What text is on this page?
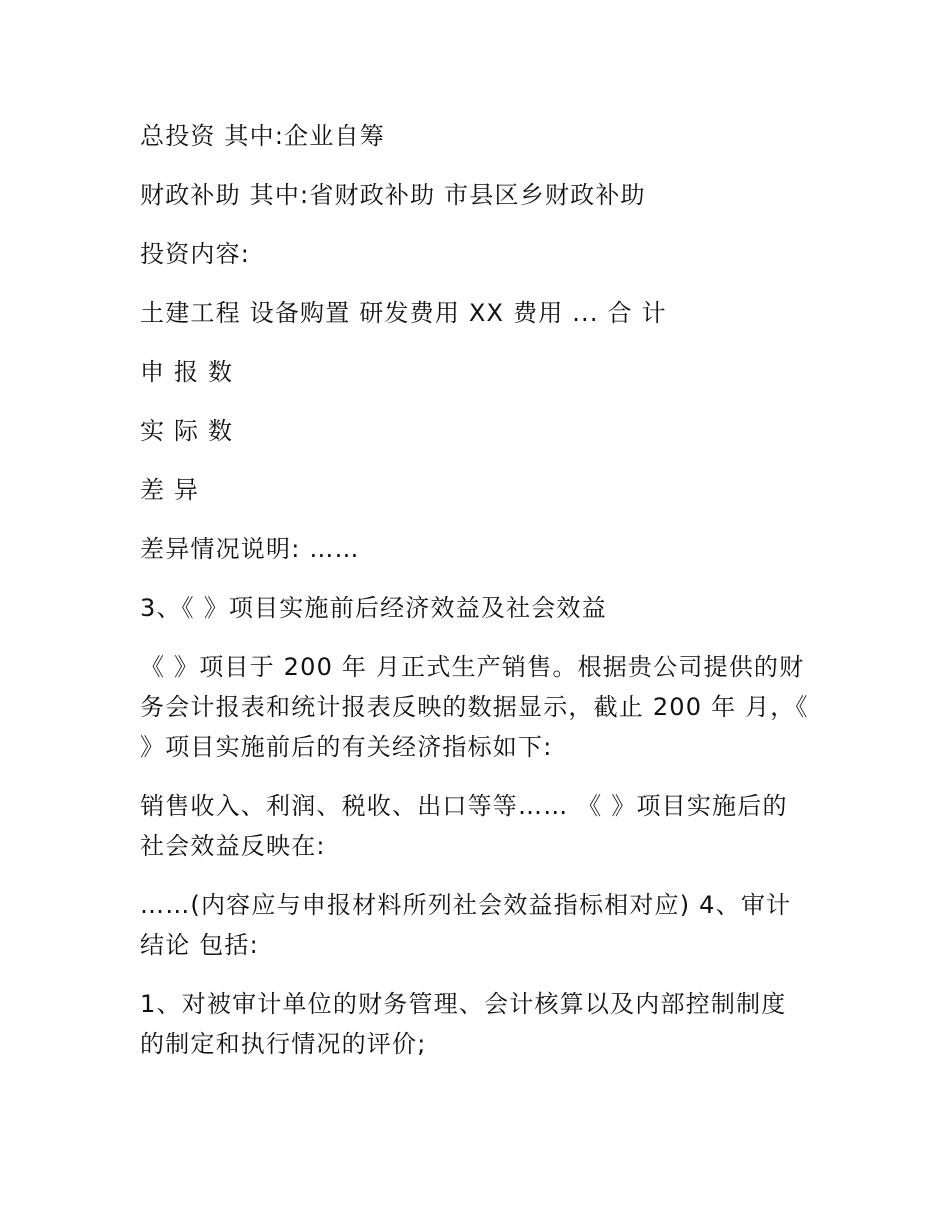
总投资 其中:企业自筹

财政补助 其中:省财政补助 市县区乡财政补助

投资内容:

土建工程 设备购置 研发费用 XX 费用 ... 合 计

申 报 数

实 际 数

差 异

差异情况说明: ……

3、《 》项目实施前后经济效益及社会效益

《 》项目于 200 年 月正式生产销售。根据贵公司提供的财务会计报表和统计报表反映的数据显示，截止 200 年 月，《 》项目实施前后的有关经济指标如下:

销售收入、利润、税收、出口等等…… 《 》项目实施后的社会效益反映在:

……(内容应与申报材料所列社会效益指标相对应) 4、审计结论 包括:

1、对被审计单位的财务管理、会计核算以及内部控制制度的制定和执行情况的评价;
